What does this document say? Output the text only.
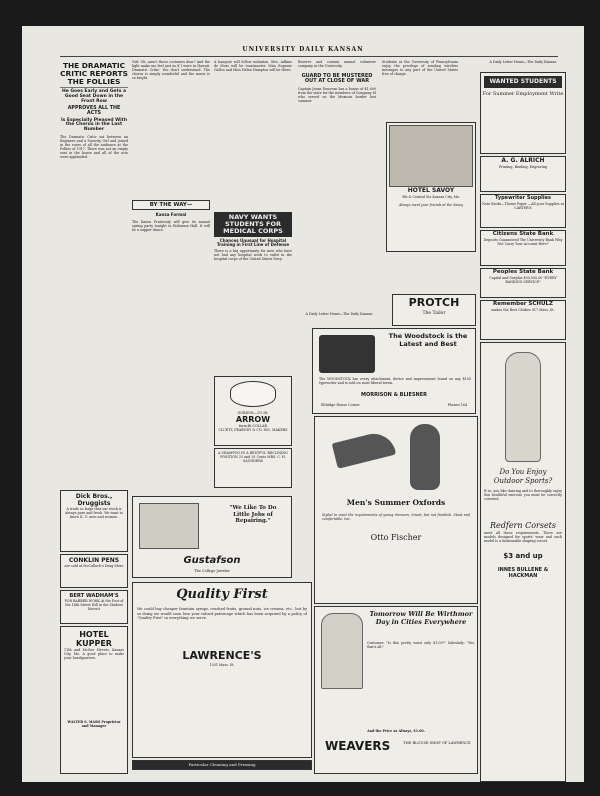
UNIVERSITY DAILY KANSAN
THE DRAMATIC CRITIC REPORTS THE FOLLIES
He Goes Early and Gets a Good Seat Down in the Front Row
APPROVES ALL THE ACTS
Is Especially Pleased With the Chorus in the Last Number
The Dramatic Critic sat between an Engineer and a Sorority Girl and joined in the roars of all the audience at the Follies of 1917. There was not an empty seat in the house and all of the acts were applauded.
Dick Bros., Druggists
A trade so large that our stock is always pure and fresh. We want to know K. U. men and women.
CONKLIN PENS
are sold at McCulloch's Drug Store
BERT WADHAM'S
FOR BARBER WORK At the Foot of the 14th Street Hill in the Student District
HOTEL KUPPER
11th and McGee Streets, Kansas City, Mo. A good place to make your headquarters.
WALTER S. MARS Proprietor and Manager
Girl: Oh, aren't those costumes dear? And the light make me feel just as if I were in Hawaii. Dramatic Critic: You don't understand. The chorus is simply wonderful and the music is so bright.
BY THE WAY—
Kansa Formal
The Kansa Fraternity will give its annual spring party tonight in Robinson Hall. It will be a supper dance.
"We Like To Do Little Jobs of Repairing."
Gustafson
The College Jeweler
A banquet will follow initiation. Mrs. Adkins de Moss will be toastmaster. Miss Eugenie Galloo and Miss Helen Hampton will be there.
NAVY WANTS STUDENTS FOR MEDICAL CORPS
Chances Unusual for Hospital Training in First Line of Defense
There is a big opportunity for men who have not had any hospital work to enlist in the hospital corps of the United States Navy.
GORDON—2½ IN.
ARROW
form-fit COLLAR
CLUETT, PEABODY & CO. INC. MAKERS
A SHAMPOO IN A RESTFUL RECLINING POSITION 25 and 35 Cents MRS. C. H. SAUNDERS
Reserve and contain annual volunteer company in the University.
GUARD TO BE MUSTERED OUT AT CLOSE OF WAR
Captain Jenas Donovan has a bonus of $1,000 from the state for the members of Company M who served on the Mexican border last summer.
HOTEL SAVOY
9th & Central Sts Kansas City, Mo.
Always meet your friends at the Savoy
A Daily Letter Home—The Daily Kansan
Students at the University of Pennsylvania enjoy the privilege of sending wireless messages to any part of the United States free of charge.
PROTCH
The Tailor
The Woodstock is the Latest and Best
The WOODSTOCK has every attachment, device and improvement found on any $100 typewriter and is sold on most liberal terms.
MORRISON & BLIESNER
Eldridge House Corner	Phones 164
A Daily Letter Home—The Daily Kansan
WANTED STUDENTS
For Summer Employment Write
A. G. ALRICH
Printing, Binding, Engraving
Typewriter Supplies
Note Books—Theme Paper —All your Supplies at CARTER'S
Citizens State Bank
Deposits Guaranteed The University Bank Why Not Carry Your Account Here?
Peoples State Bank
Capital and Surplus $90,000.00 "EVERY BANKING SERVICE"
Remember SCHULZ
makes the Best Clothes 917 Mass. St.
Do You Enjoy Outdoor Sports?
If so, you like dancing and to thoroughly enjoy this healthful exercise you must be correctly corseted.
Redfern Corsets
meet all these requirements. There are models designed for sports' wear and each model is a fashionable shaping corset.
$3 and up
INNES BULLENE & HACKMAN
Quality First
We could buy cheaper fountain syrups, crushed fruits, ground nuts, ice creams, etc., but by so doing we would soon lose your valued patronage which has been acquired by a policy of "Quality First" in everything we serve.
LAWRENCE'S
1031 Mass. St.
Particular Cleaning and Pressing
Men's Summer Oxfords
Styled to meet the requirements of young dressers; Smart, but not freakish. Stout and comfortable, too.
Otto Fischer
Tomorrow Will Be Wirthmor Day in Cities Everywhere
Customer: "Is this pretty waist only $1.00?" Saleslady: "Yes, that's all."
And the Price as Always, $1.00.
WEAVERS	THE BLOUSE SHOP OF LAWRENCE
